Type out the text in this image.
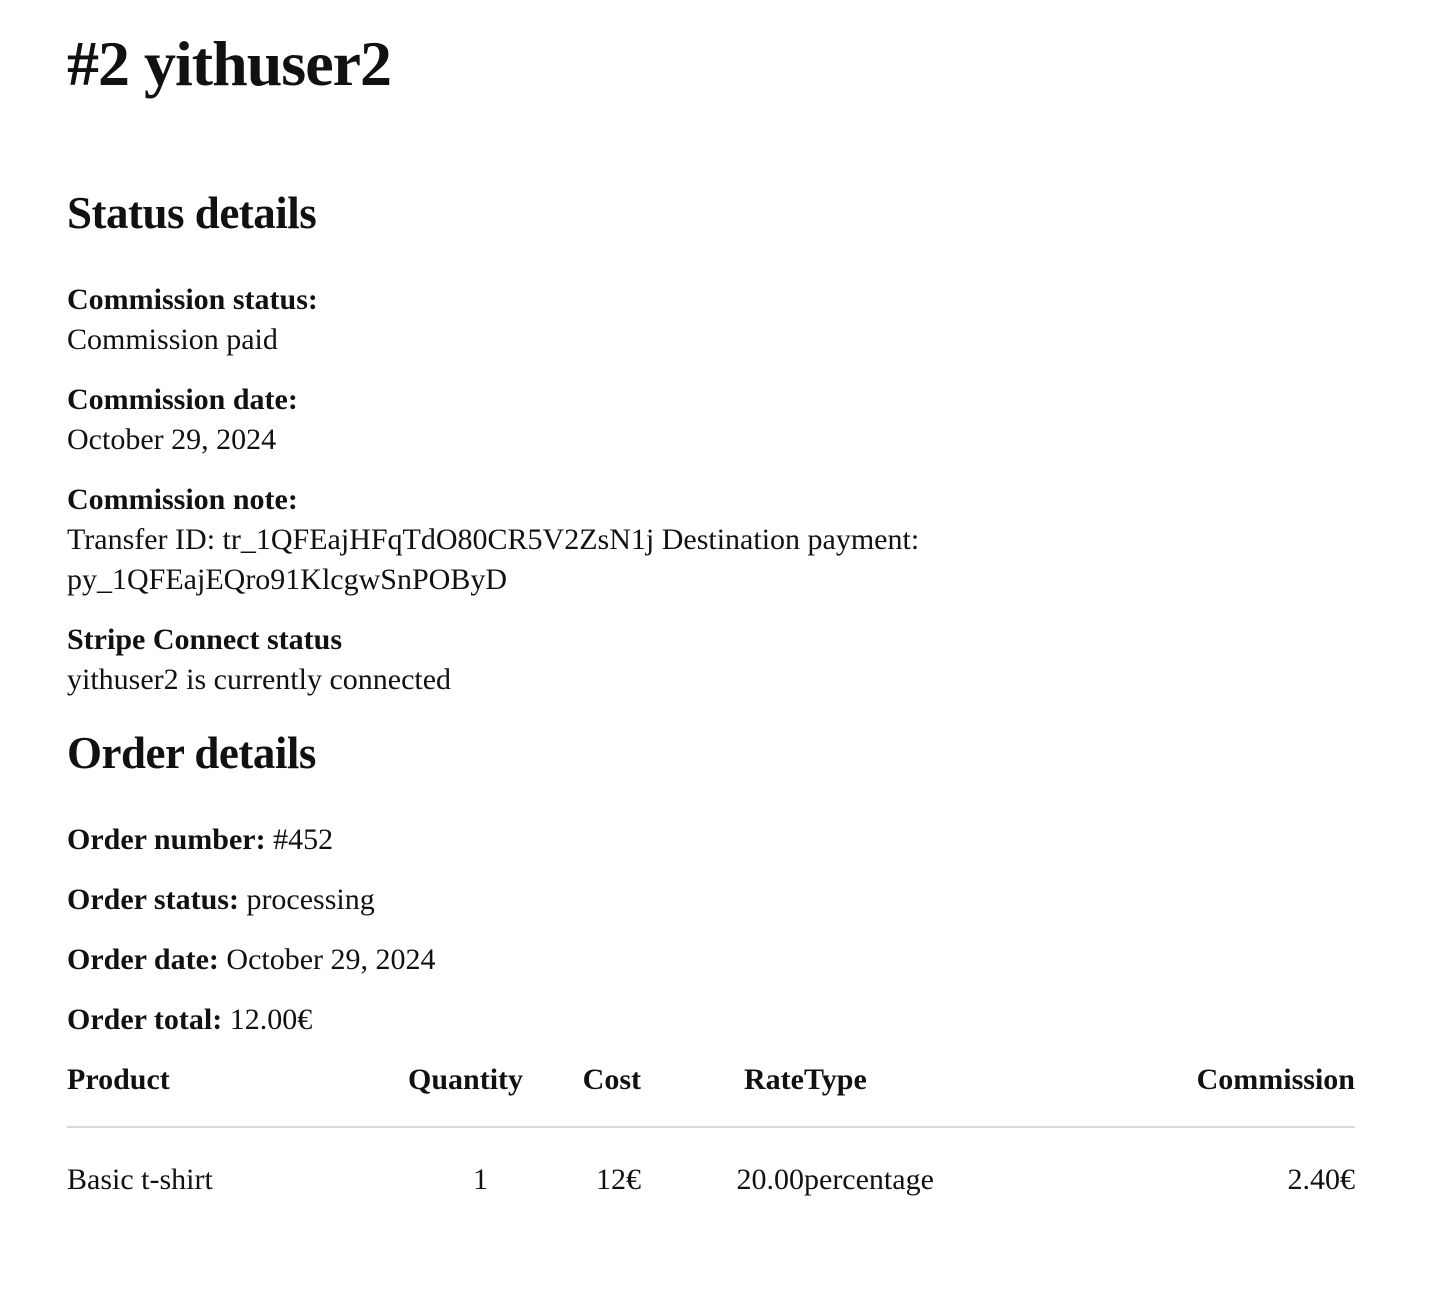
#2 yithuser2
Status details

Commission status:
Commission paid

Commission date:
October 29, 2024

Commission note:
Transfer ID: tr_1QFEajHFqTdO80CR5V2ZsN1j Destination payment: py_1QFEajEQro91KlcgwSnPOByD

Stripe Connect status
yithuser2 is currently connected

Order details

Order number: #452

Order status: processing

Order date: October 29, 2024

Order total: 12.00€

Product	Quantity	Cost	Rate	Type	Commission
Basic t-shirt	1	12€	20.00	percentage	2.40€
